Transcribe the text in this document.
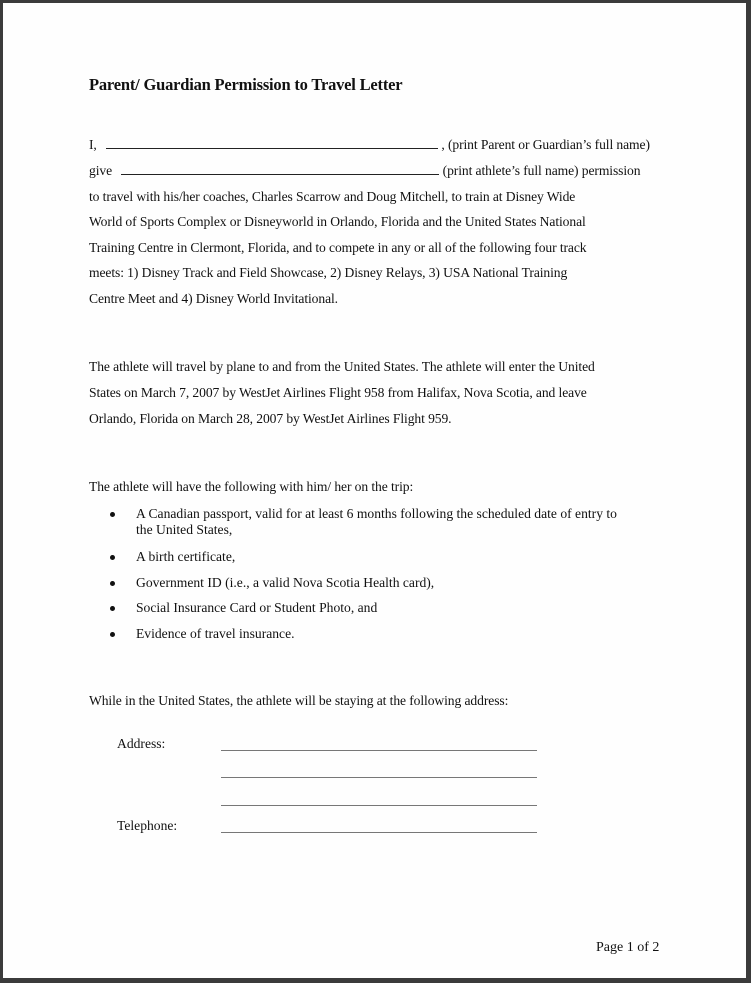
Parent/ Guardian Permission to Travel Letter
I,	, (print Parent or Guardian’s full name)
give	(print athlete’s full name) permission
to travel with his/her coaches, Charles Scarrow and Doug Mitchell, to train at Disney Wide
World of Sports Complex or Disneyworld in Orlando, Florida and the United States National
Training Centre in Clermont, Florida, and to compete in any or all of the following four track
meets: 1) Disney Track and Field Showcase, 2) Disney Relays, 3) USA National Training
Centre Meet and 4) Disney World Invitational.
The athlete will travel by plane to and from the United States. The athlete will enter the United
States on March 7, 2007 by WestJet Airlines Flight 958 from Halifax, Nova Scotia, and leave
Orlando, Florida on March 28, 2007 by WestJet Airlines Flight 959.
The athlete will have the following with him/ her on the trip:
A Canadian passport, valid for at least 6 months following the scheduled date of entry to
the United States,
A birth certificate,
Government ID (i.e., a valid Nova Scotia Health card),
Social Insurance Card or Student Photo, and
Evidence of travel insurance.
While in the United States, the athlete will be staying at the following address:
Address:
Telephone:
Page 1 of 2
